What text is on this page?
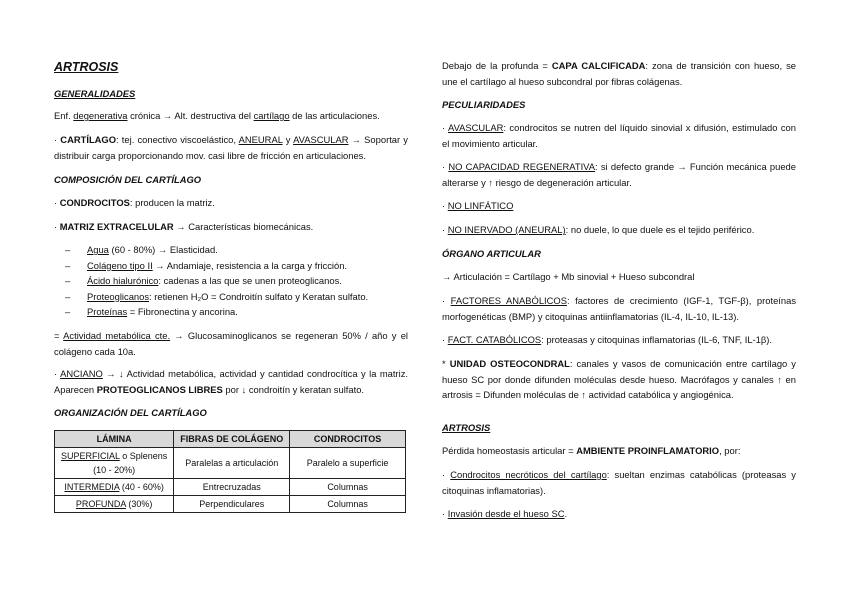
ARTROSIS
GENERALIDADES

Enf. degenerativa crónica → Alt. destructiva del cartílago de las articulaciones.

· CARTÍLAGO: tej. conectivo viscoelástico, ANEURAL y AVASCULAR → Soportar y distribuir carga proporcionando mov. casi libre de fricción en articulaciones.

COMPOSICIÓN DEL CARTÍLAGO

· CONDROCITOS: producen la matriz.

· MATRIZ EXTRACELULAR → Características biomecánicas.

– Agua (60 - 80%) → Elasticidad.
– Colágeno tipo II → Andamiaje, resistencia a la carga y fricción.
– Ácido hialurónico: cadenas a las que se unen proteoglicanos.
– Proteoglicanos: retienen H₂O = Condroitín sulfato y Keratan sulfato.
– Proteínas = Fibronectina y ancorina.

= Actividad metabólica cte. → Glucosaminoglicanos se regeneran 50% / año y el colágeno cada 10a.

· ANCIANO → ↓ Actividad metabólica, actividad y cantidad condrocítica y la matriz. Aparecen PROTEOGLICANOS LIBRES por ↓ condroitín y keratan sulfato.

ORGANIZACIÓN DEL CARTÍLAGO
LÁMINA	FIBRAS DE COLÁGENO	CONDROCITOS
SUPERFICIAL o Splenens (10 - 20%)	Paralelas a articulación	Paralelo a superficie
INTERMEDIA (40 - 60%)	Entrecruzadas	Columnas
PROFUNDA (30%)	Perpendiculares	Columnas

Debajo de la profunda = CAPA CALCIFICADA: zona de transición con hueso, se une el cartílago al hueso subcondral por fibras colágenas.

PECULIARIDADES

· AVASCULAR: condrocitos se nutren del líquido sinovial x difusión, estimulado con el movimiento articular.

· NO CAPACIDAD REGENERATIVA: si defecto grande → Función mecánica puede alterarse y ↑ riesgo de degeneración articular.

· NO LINFÁTICO

· NO INERVADO (ANEURAL): no duele, lo que duele es el tejido periférico.

ÓRGANO ARTICULAR

→ Articulación = Cartílago + Mb sinovial + Hueso subcondral

· FACTORES ANABÓLICOS: factores de crecimiento (IGF-1, TGF-β), proteínas morfogenéticas (BMP) y citoquinas antiinflamatorias (IL-4, IL-10, IL-13).

· FACT. CATABÓLICOS: proteasas y citoquinas inflamatorias (IL-6, TNF, IL-1β).

* UNIDAD OSTEOCONDRAL: canales y vasos de comunicación entre cartílago y hueso SC por donde difunden moléculas desde hueso. Macrófagos y canales ↑ en artrosis = Difunden moléculas de ↑ actividad catabólica y angiogénica.

ARTROSIS

Pérdida homeostasis articular = AMBIENTE PROINFLAMATORIO, por:

· Condrocitos necróticos del cartílago: sueltan enzimas catabólicas (proteasas y citoquinas inflamatorias).

· Invasión desde el hueso SC.
